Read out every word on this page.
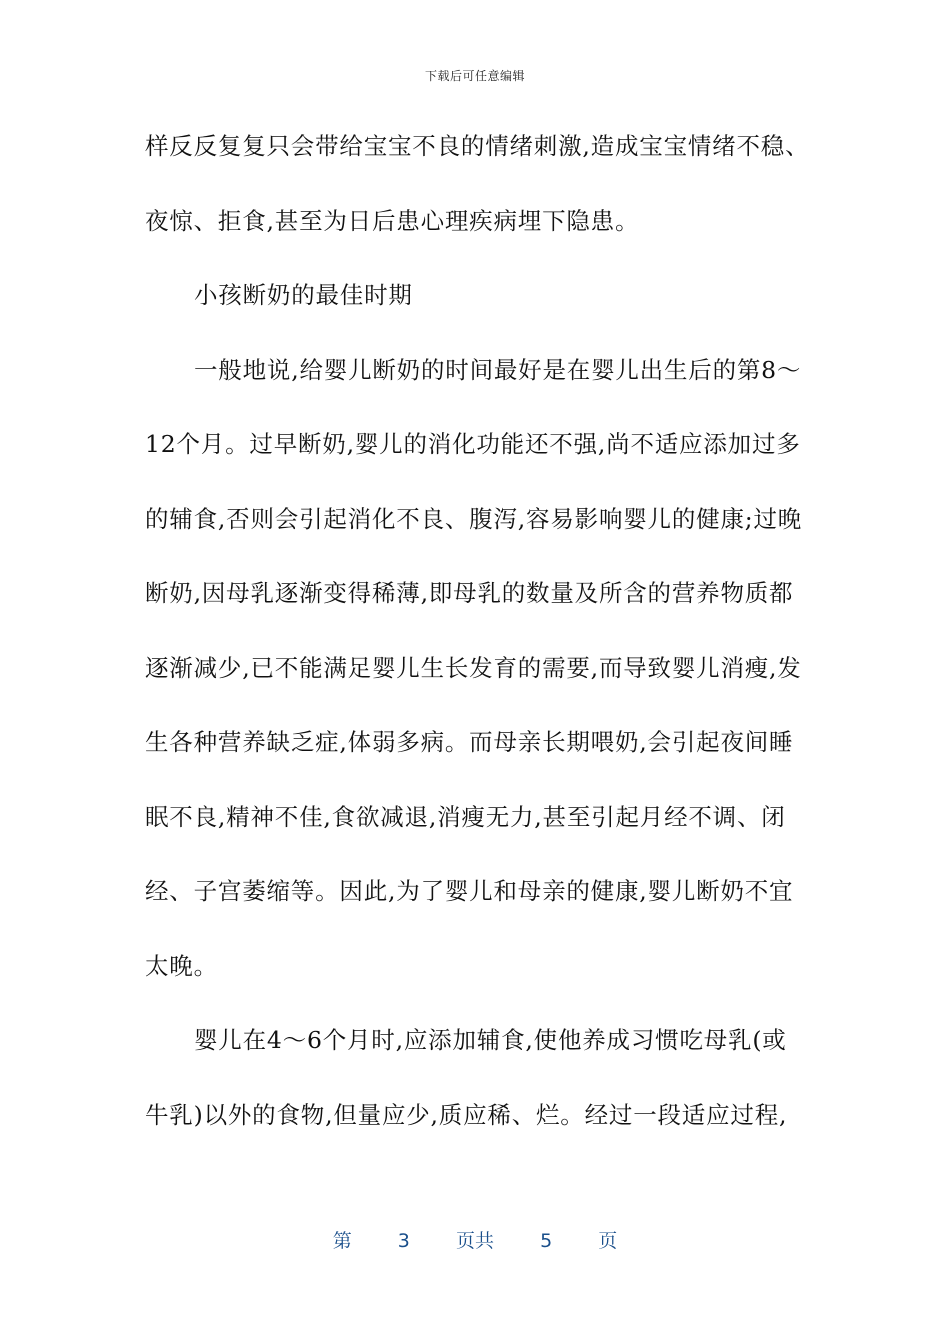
下载后可任意编辑
样反反复复只会带给宝宝不良的情绪刺激,造成宝宝情绪不稳、
夜惊、拒食,甚至为日后患心理疾病埋下隐患。
小孩断奶的最佳时期
一般地说,给婴儿断奶的时间最好是在婴儿出生后的第8～
12个月。过早断奶,婴儿的消化功能还不强,尚不适应添加过多
的辅食,否则会引起消化不良、腹泻,容易影响婴儿的健康;过晚
断奶,因母乳逐渐变得稀薄,即母乳的数量及所含的营养物质都
逐渐减少,已不能满足婴儿生长发育的需要,而导致婴儿消瘦,发
生各种营养缺乏症,体弱多病。而母亲长期喂奶,会引起夜间睡
眠不良,精神不佳,食欲减退,消瘦无力,甚至引起月经不调、闭
经、子宫萎缩等。因此,为了婴儿和母亲的健康,婴儿断奶不宜
太晚。
婴儿在4～6个月时,应添加辅食,使他养成习惯吃母乳(或
牛乳)以外的食物,但量应少,质应稀、烂。经过一段适应过程,
第 3 页共 5 页
